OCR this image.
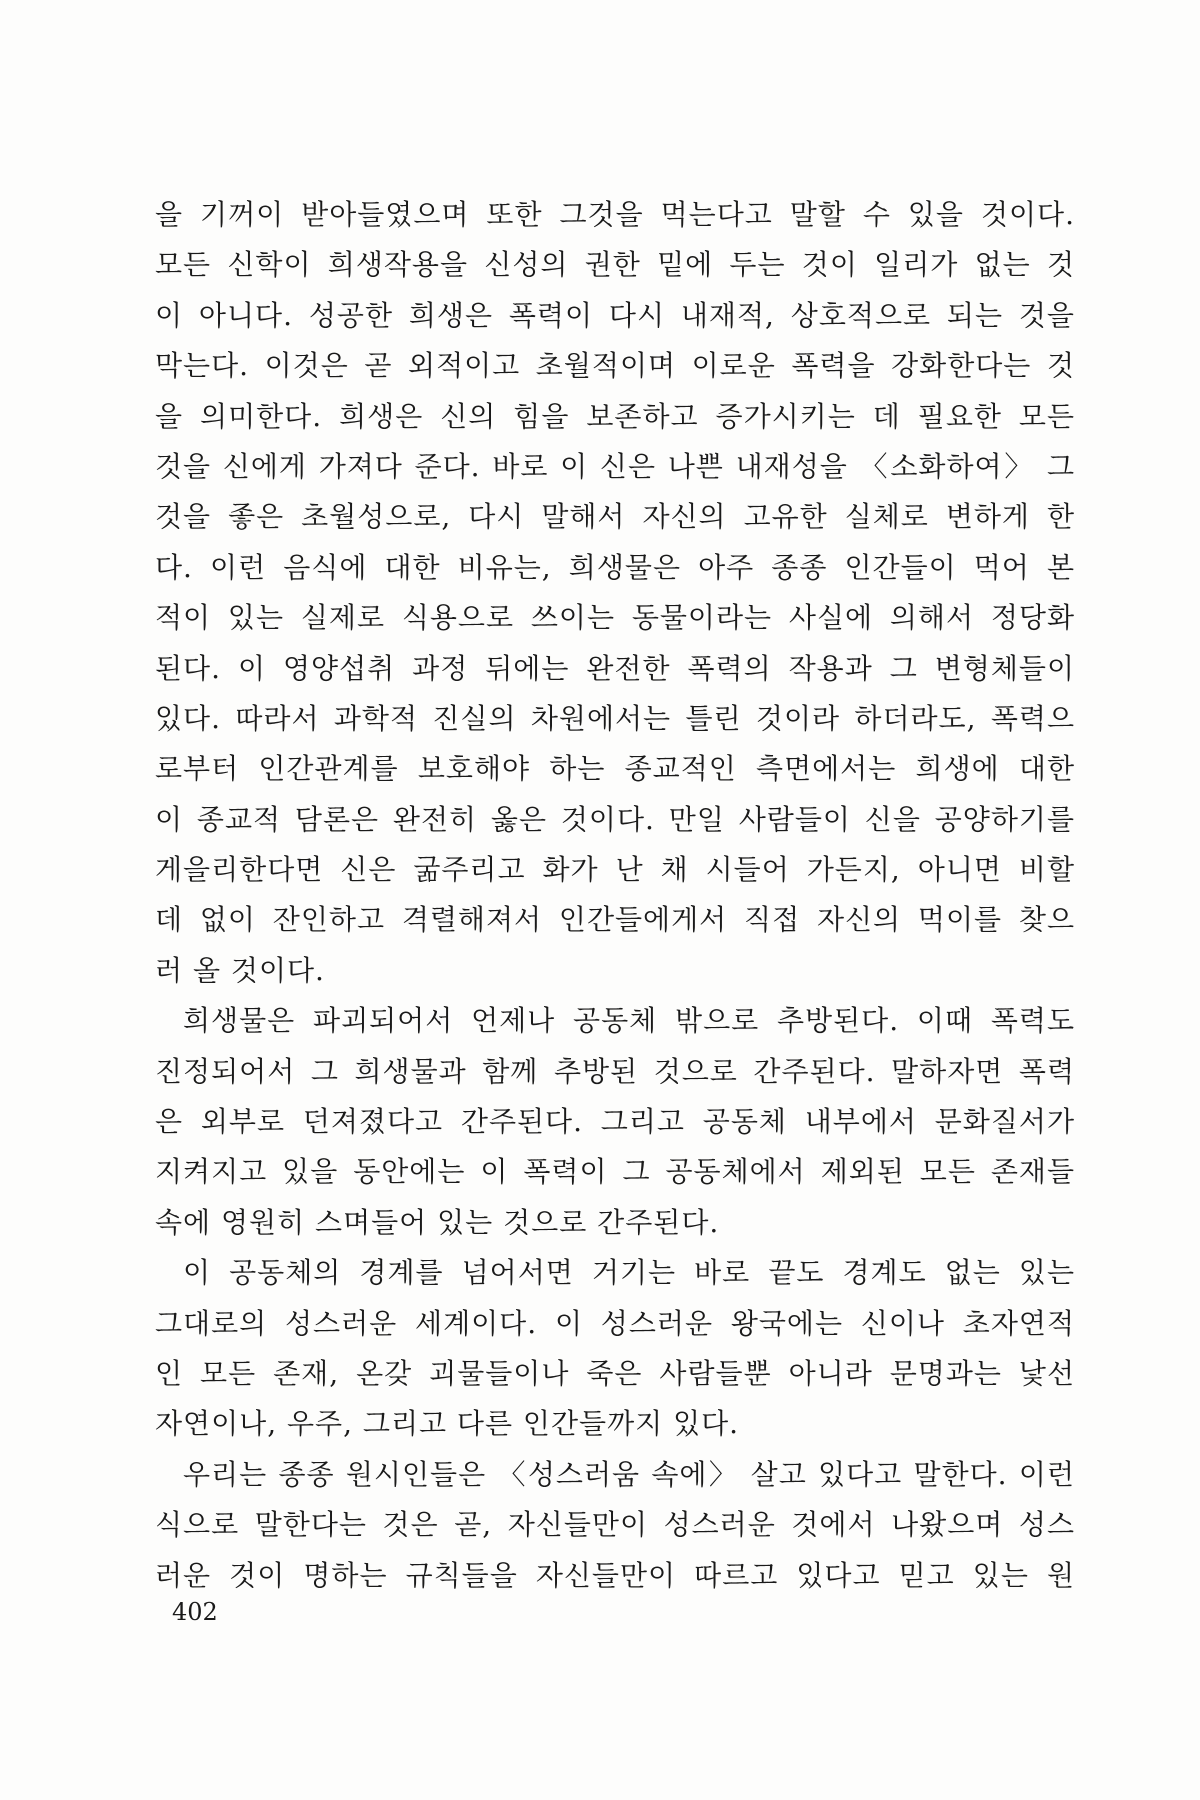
을 기꺼이 받아들였으며 또한 그것을 먹는다고 말할 수 있을 것이다.
모든 신학이 희생작용을 신성의 권한 밑에 두는 것이 일리가 없는 것
이 아니다. 성공한 희생은 폭력이 다시 내재적, 상호적으로 되는 것을
막는다. 이것은 곧 외적이고 초월적이며 이로운 폭력을 강화한다는 것
을 의미한다. 희생은 신의 힘을 보존하고 증가시키는 데 필요한 모든
것을 신에게 가져다 준다. 바로 이 신은 나쁜 내재성을 〈소화하여〉 그
것을 좋은 초월성으로, 다시 말해서 자신의 고유한 실체로 변하게 한
다. 이런 음식에 대한 비유는, 희생물은 아주 종종 인간들이 먹어 본
적이 있는 실제로 식용으로 쓰이는 동물이라는 사실에 의해서 정당화
된다. 이 영양섭취 과정 뒤에는 완전한 폭력의 작용과 그 변형체들이
있다. 따라서 과학적 진실의 차원에서는 틀린 것이라 하더라도, 폭력으
로부터 인간관계를 보호해야 하는 종교적인 측면에서는 희생에 대한
이 종교적 담론은 완전히 옳은 것이다. 만일 사람들이 신을 공양하기를
게을리한다면 신은 굶주리고 화가 난 채 시들어 가든지, 아니면 비할
데 없이 잔인하고 격렬해져서 인간들에게서 직접 자신의 먹이를 찾으
러 올 것이다.
희생물은 파괴되어서 언제나 공동체 밖으로 추방된다. 이때 폭력도
진정되어서 그 희생물과 함께 추방된 것으로 간주된다. 말하자면 폭력
은 외부로 던져졌다고 간주된다. 그리고 공동체 내부에서 문화질서가
지켜지고 있을 동안에는 이 폭력이 그 공동체에서 제외된 모든 존재들
속에 영원히 스며들어 있는 것으로 간주된다.
이 공동체의 경계를 넘어서면 거기는 바로 끝도 경계도 없는 있는
그대로의 성스러운 세계이다. 이 성스러운 왕국에는 신이나 초자연적
인 모든 존재, 온갖 괴물들이나 죽은 사람들뿐 아니라 문명과는 낯선
자연이나, 우주, 그리고 다른 인간들까지 있다.
우리는 종종 원시인들은 〈성스러움 속에〉 살고 있다고 말한다. 이런
식으로 말한다는 것은 곧, 자신들만이 성스러운 것에서 나왔으며 성스
러운 것이 명하는 규칙들을 자신들만이 따르고 있다고 믿고 있는 원
402
